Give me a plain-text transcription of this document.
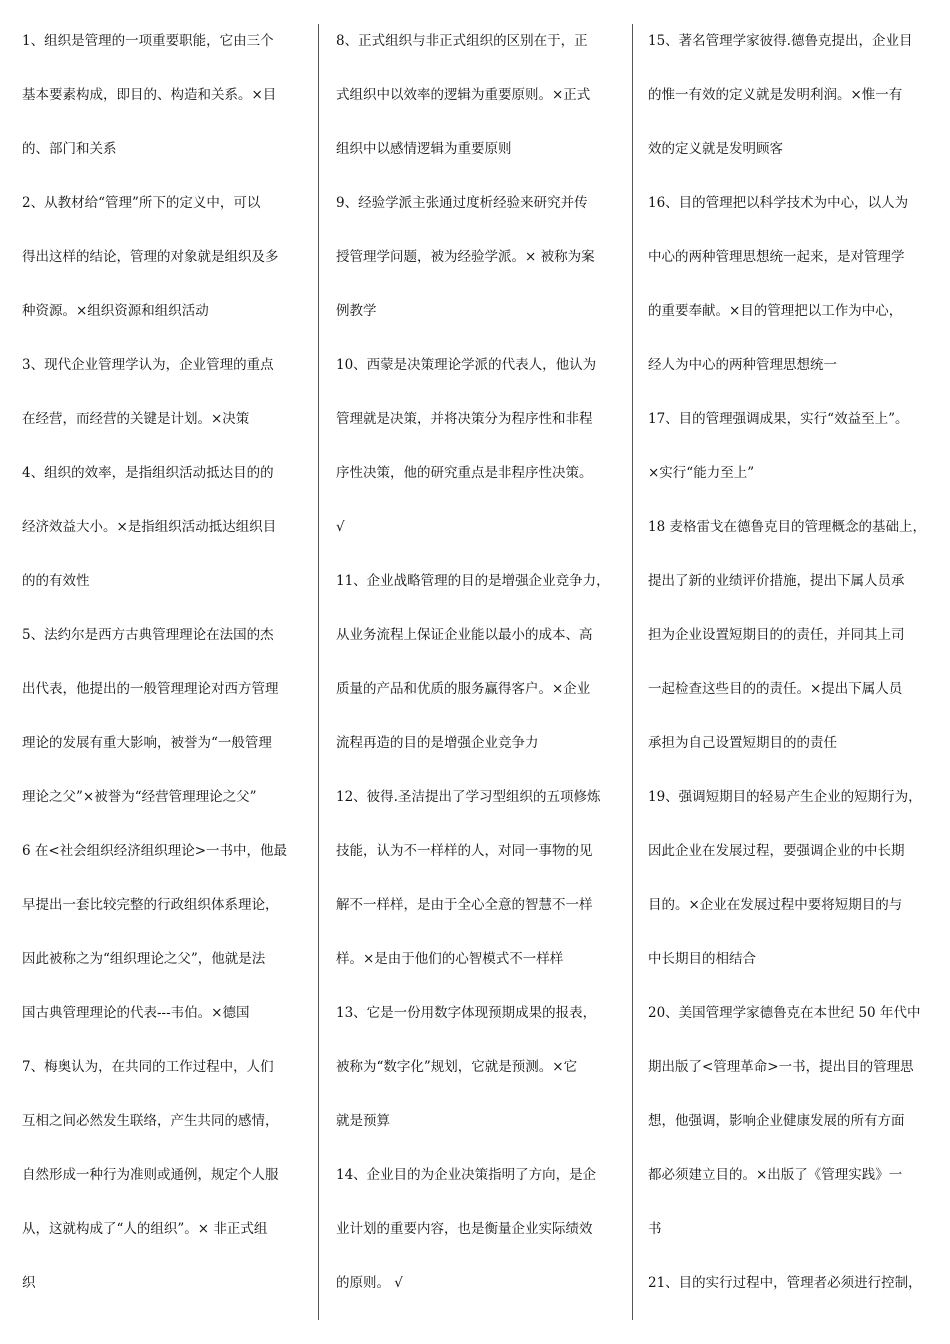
1、组织是管理的一项重要职能，它由三个
基本要素构成，即目的、构造和关系。×目
的、部门和关系
2、从教材给“管理”所下的定义中，可以
得出这样的结论，管理的对象就是组织及多
种资源。×组织资源和组织活动
3、现代企业管理学认为，企业管理的重点
在经营，而经营的关键是计划。×决策
4、组织的效率，是指组织活动抵达目的的
经济效益大小。×是指组织活动抵达组织目
的的有效性
5、法约尔是西方古典管理理论在法国的杰
出代表，他提出的一般管理理论对西方管理
理论的发展有重大影响，被誉为“一般管理
理论之父”×被誉为“经营管理理论之父”
6 在<社会组织经济组织理论>一书中，他最
早提出一套比较完整的行政组织体系理论，
因此被称之为“组织理论之父”，他就是法
国古典管理理论的代表---韦伯。×德国
7、梅奥认为，在共同的工作过程中，人们
互相之间必然发生联络，产生共同的感情，
自然形成一种行为准则或通例，规定个人服
从，这就构成了“人的组织”。× 非正式组
织
8、正式组织与非正式组织的区别在于，正
式组织中以效率的逻辑为重要原则。×正式
组织中以感情逻辑为重要原则
9、经验学派主张通过度析经验来研究并传
授管理学问题，被为经验学派。× 被称为案
例教学
10、西蒙是决策理论学派的代表人，他认为
管理就是决策，并将决策分为程序性和非程
序性决策，他的研究重点是非程序性决策。
√
11、企业战略管理的目的是增强企业竞争力，
从业务流程上保证企业能以最小的成本、高
质量的产品和优质的服务赢得客户。×企业
流程再造的目的是增强企业竞争力
12、彼得.圣洁提出了学习型组织的五项修炼
技能，认为不一样样的人，对同一事物的见
解不一样样，是由于全心全意的智慧不一样
样。×是由于他们的心智模式不一样样
13、它是一份用数字体现预期成果的报表，
被称为“数字化”规划，它就是预测。×它
就是预算
14、企业目的为企业决策指明了方向，是企
业计划的重要内容，也是衡量企业实际绩效
的原则。 √
15、著名管理学家彼得.德鲁克提出，企业目
的惟一有效的定义就是发明利润。×惟一有
效的定义就是发明顾客
16、目的管理把以科学技术为中心，以人为
中心的两种管理思想统一起来，是对管理学
的重要奉献。×目的管理把以工作为中心，
经人为中心的两种管理思想统一
17、目的管理强调成果，实行“效益至上”。
×实行“能力至上”
18 麦格雷戈在德鲁克目的管理概念的基础上，
提出了新的业绩评价措施，提出下属人员承
担为企业设置短期目的的责任，并同其上司
一起检查这些目的的责任。×提出下属人员
承担为自己设置短期目的的责任
19、强调短期目的轻易产生企业的短期行为，
因此企业在发展过程，要强调企业的中长期
目的。×企业在发展过程中要将短期目的与
中长期目的相结合
20、美国管理学家德鲁克在本世纪 50 年代中
期出版了<管理革命>一书，提出目的管理思
想，他强调，影响企业健康发展的所有方面
都必须建立目的。×出版了《管理实践》一
书
21、目的实行过程中，管理者必须进行控制，
